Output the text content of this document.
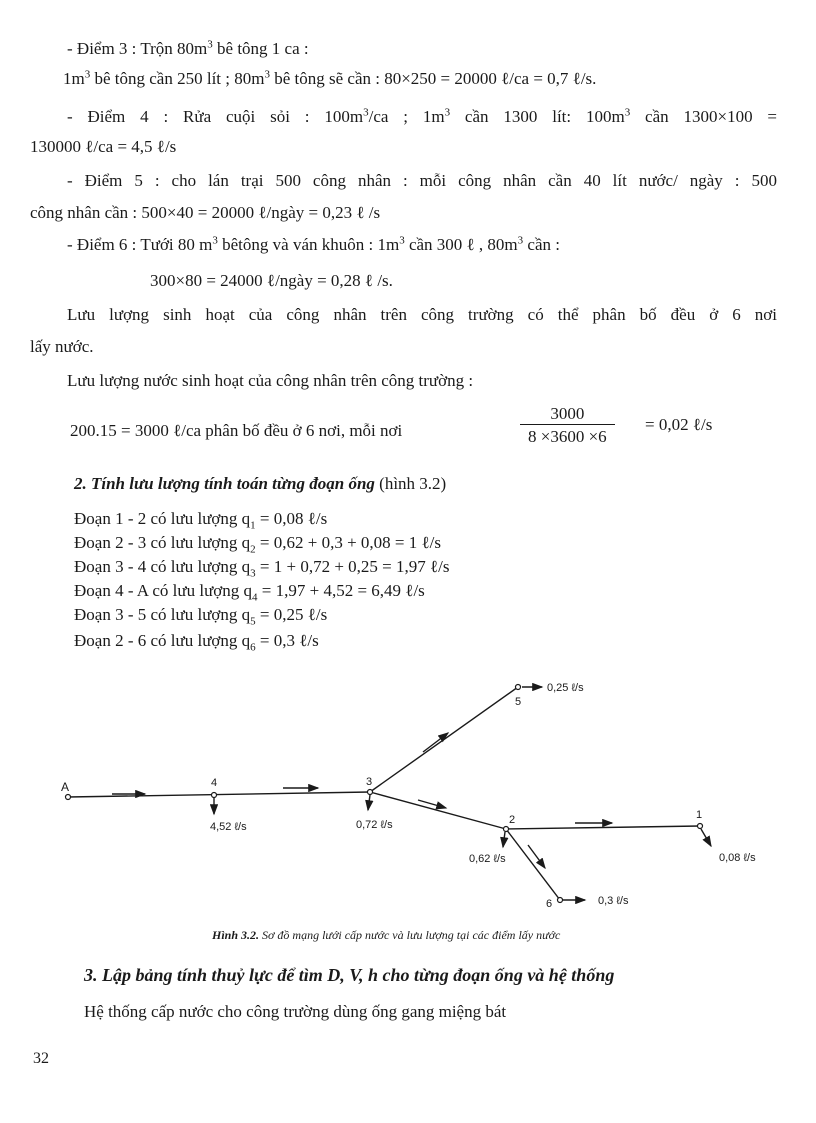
- Điểm 3 : Trộn $80m^3$ bê tông 1 ca :
$1m^3$ bê tông cần 250 lít ; $80m^3$ bê tông sẽ cần : 80×250 = 20000 ℓ/ca = 0,7 ℓ/s.
- Điểm 4 : Rửa cuội sỏi : $100m^3/ca$ ; $1m^3$ cần 1300 lít: $100m^3$ cần 1300×100 =
130000 ℓ/ca = 4,5 ℓ/s
- Điểm 5 : cho lán trại 500 công nhân : mỗi công nhân cần 40 lít nước/ ngày : 500
công nhân cần : 500×40 = 20000 ℓ/ngày = 0,23 ℓ /s
- Điểm 6 : Tưới 80 $m^3$ bêtông và ván khuôn : $1m^3$ cần 300 ℓ , $80m^3$ cần :
300×80 = 24000 ℓ/ngày = 0,28 ℓ /s.
Lưu lượng sinh hoạt của công nhân trên công trường có thể phân bố đều ở 6 nơi
lấy nước.
Lưu lượng nước sinh hoạt của công nhân trên công trường :
200.15 = 3000 ℓ/ca phân bố đều ở 6 nơi, mỗi nơi	$\frac{3000}{8 \times 3600 \times 6} = 0,02$ ℓ/s
2. Tính lưu lượng tính toán từng đoạn ống (hình 3.2)
Đoạn 1 - 2 có lưu lượng $q_1 = 0,08$ ℓ/s
Đoạn 2 - 3 có lưu lượng $q_2 = 0,62 + 0,3 + 0,08 = 1$ ℓ/s
Đoạn 3 - 4 có lưu lượng $q_3 = 1 + 0,72 + 0,25 = 1,97$ ℓ/s
Đoạn 4 - A có lưu lượng $q_4 = 1,97 + 4,52 = 6,49$ ℓ/s
Đoạn 3 - 5 có lưu lượng $q_5 = 0,25$ ℓ/s
Đoạn 2 - 6 có lưu lượng $q_6 = 0,3$ ℓ/s
A	4	3
2	1
5
6
0,25 ℓ/s
4,52 ℓ/s	0,72 ℓ/s
0,62 ℓ/s	0,08 ℓ/s
0,3 ℓ/s
Hình 3.2. Sơ đồ mạng lưới cấp nước và lưu lượng tại các điểm lấy nước
3. Lập bảng tính thuỷ lực để tìm D, V, h cho từng đoạn ống và hệ thống
Hệ thống cấp nước cho công trường dùng ống gang miệng bát
32
